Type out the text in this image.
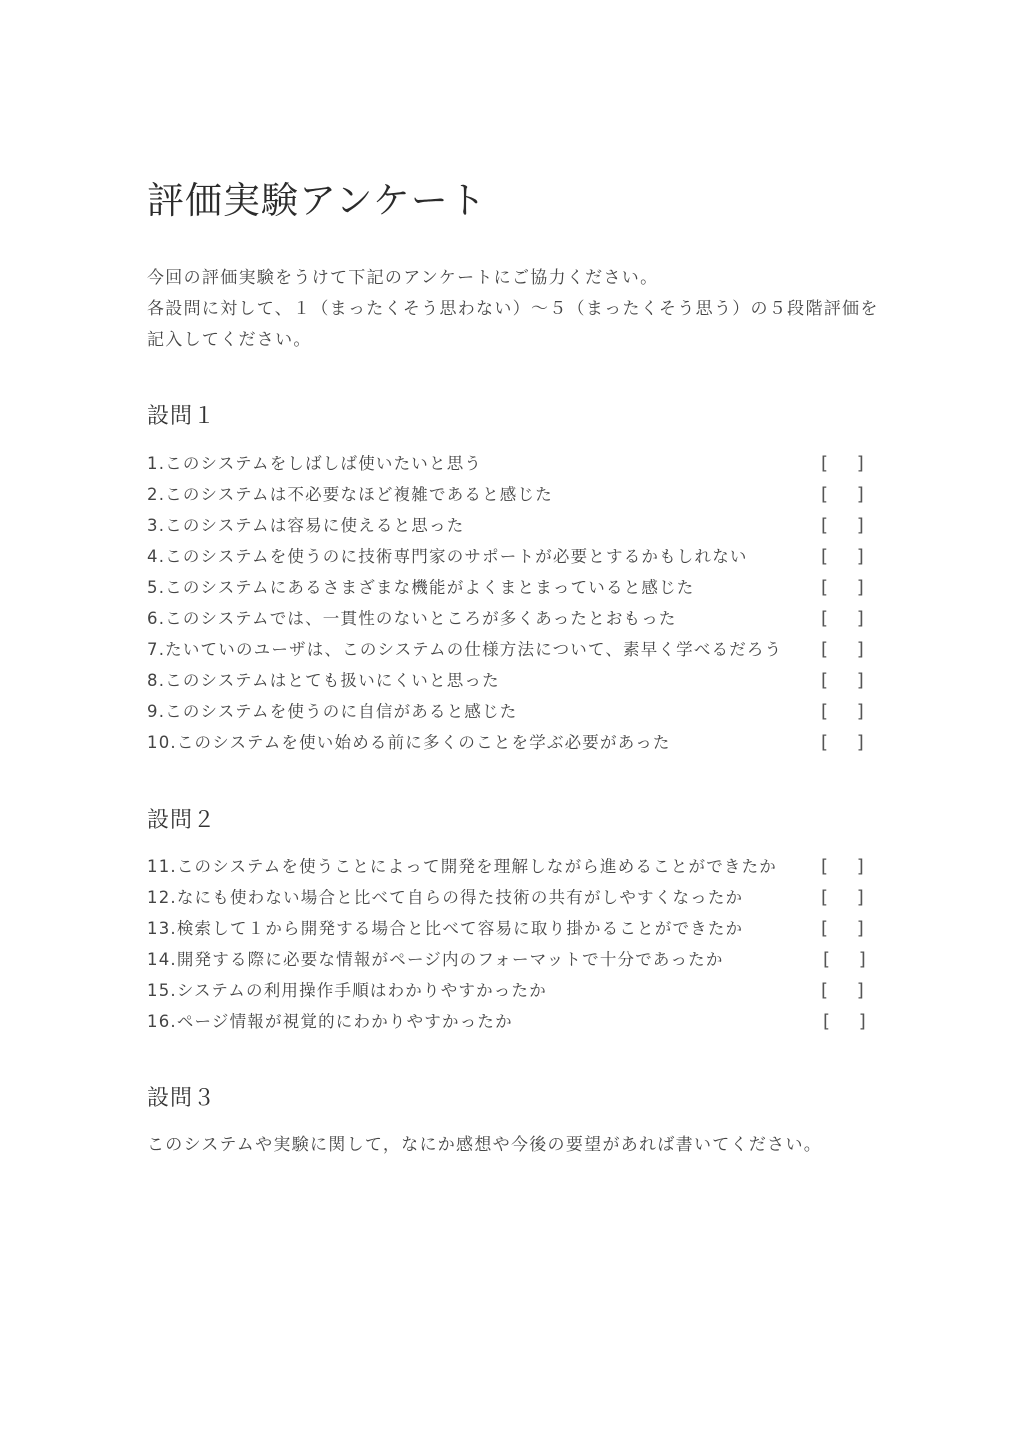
評価実験アンケート

今回の評価実験をうけて下記のアンケートにご協力ください。

各設問に対して、１（まったくそう思わない）～５（まったくそう思う）の５段階評価を

記入してください。

設問１
1.このシステムをしばしば使いたいと思う	[ ]
2.このシステムは不必要なほど複雑であると感じた	[ ]
3.このシステムは容易に使えると思った	[ ]
4.このシステムを使うのに技術専門家のサポートが必要とするかもしれない	[ ]
5.このシステムにあるさまざまな機能がよくまとまっていると感じた	[ ]
6.このシステムでは、一貫性のないところが多くあったとおもった	[ ]
7.たいていのユーザは、このシステムの仕様方法について、素早く学べるだろう [ ]
8.このシステムはとても扱いにくいと思った	[ ]
9.このシステムを使うのに自信があると感じた	[ ]
10.このシステムを使い始める前に多くのことを学ぶ必要があった	[ ]
設問２
11.このシステムを使うことによって開発を理解しながら進めることができたか [ ]
12.なにも使わない場合と比べて自らの得た技術の共有がしやすくなったか	[ ]
13.検索して１から開発する場合と比べて容易に取り掛かることができたか	[ ]
14.開発する際に必要な情報がページ内のフォーマットで十分であったか	[ ]
15.システムの利用操作手順はわかりやすかったか	[ ]
16.ページ情報が視覚的にわかりやすかったか	[ ]
設問３

このシステムや実験に関して，なにか感想や今後の要望があれば書いてください。
